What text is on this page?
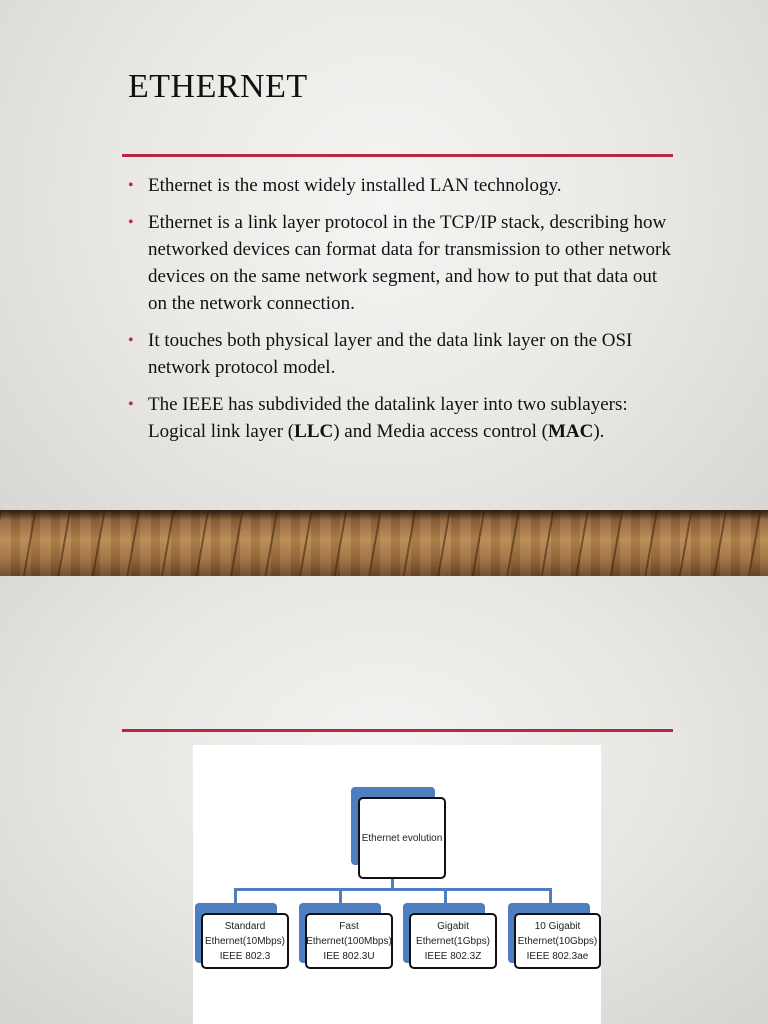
ETHERNET
• Ethernet is the most widely installed LAN technology.
• Ethernet is a link layer protocol in the TCP/IP stack, describing how networked devices can format data for transmission to other network devices on the same network segment, and how to put that data out on the network connection.
• It touches both physical layer and the data link layer on the OSI network protocol model.
• The IEEE has subdivided the datalink layer into two sublayers: Logical link layer (LLC) and Media access control (MAC).
Ethernet evolution
Standard
Ethernet(10Mbps)
IEEE 802.3
Fast
Ethernet(100Mbps)
IEE 802.3U
Gigabit
Ethernet(1Gbps)
IEEE 802.3Z
10 Gigabit
Ethernet(10Gbps)
IEEE 802.3ae
